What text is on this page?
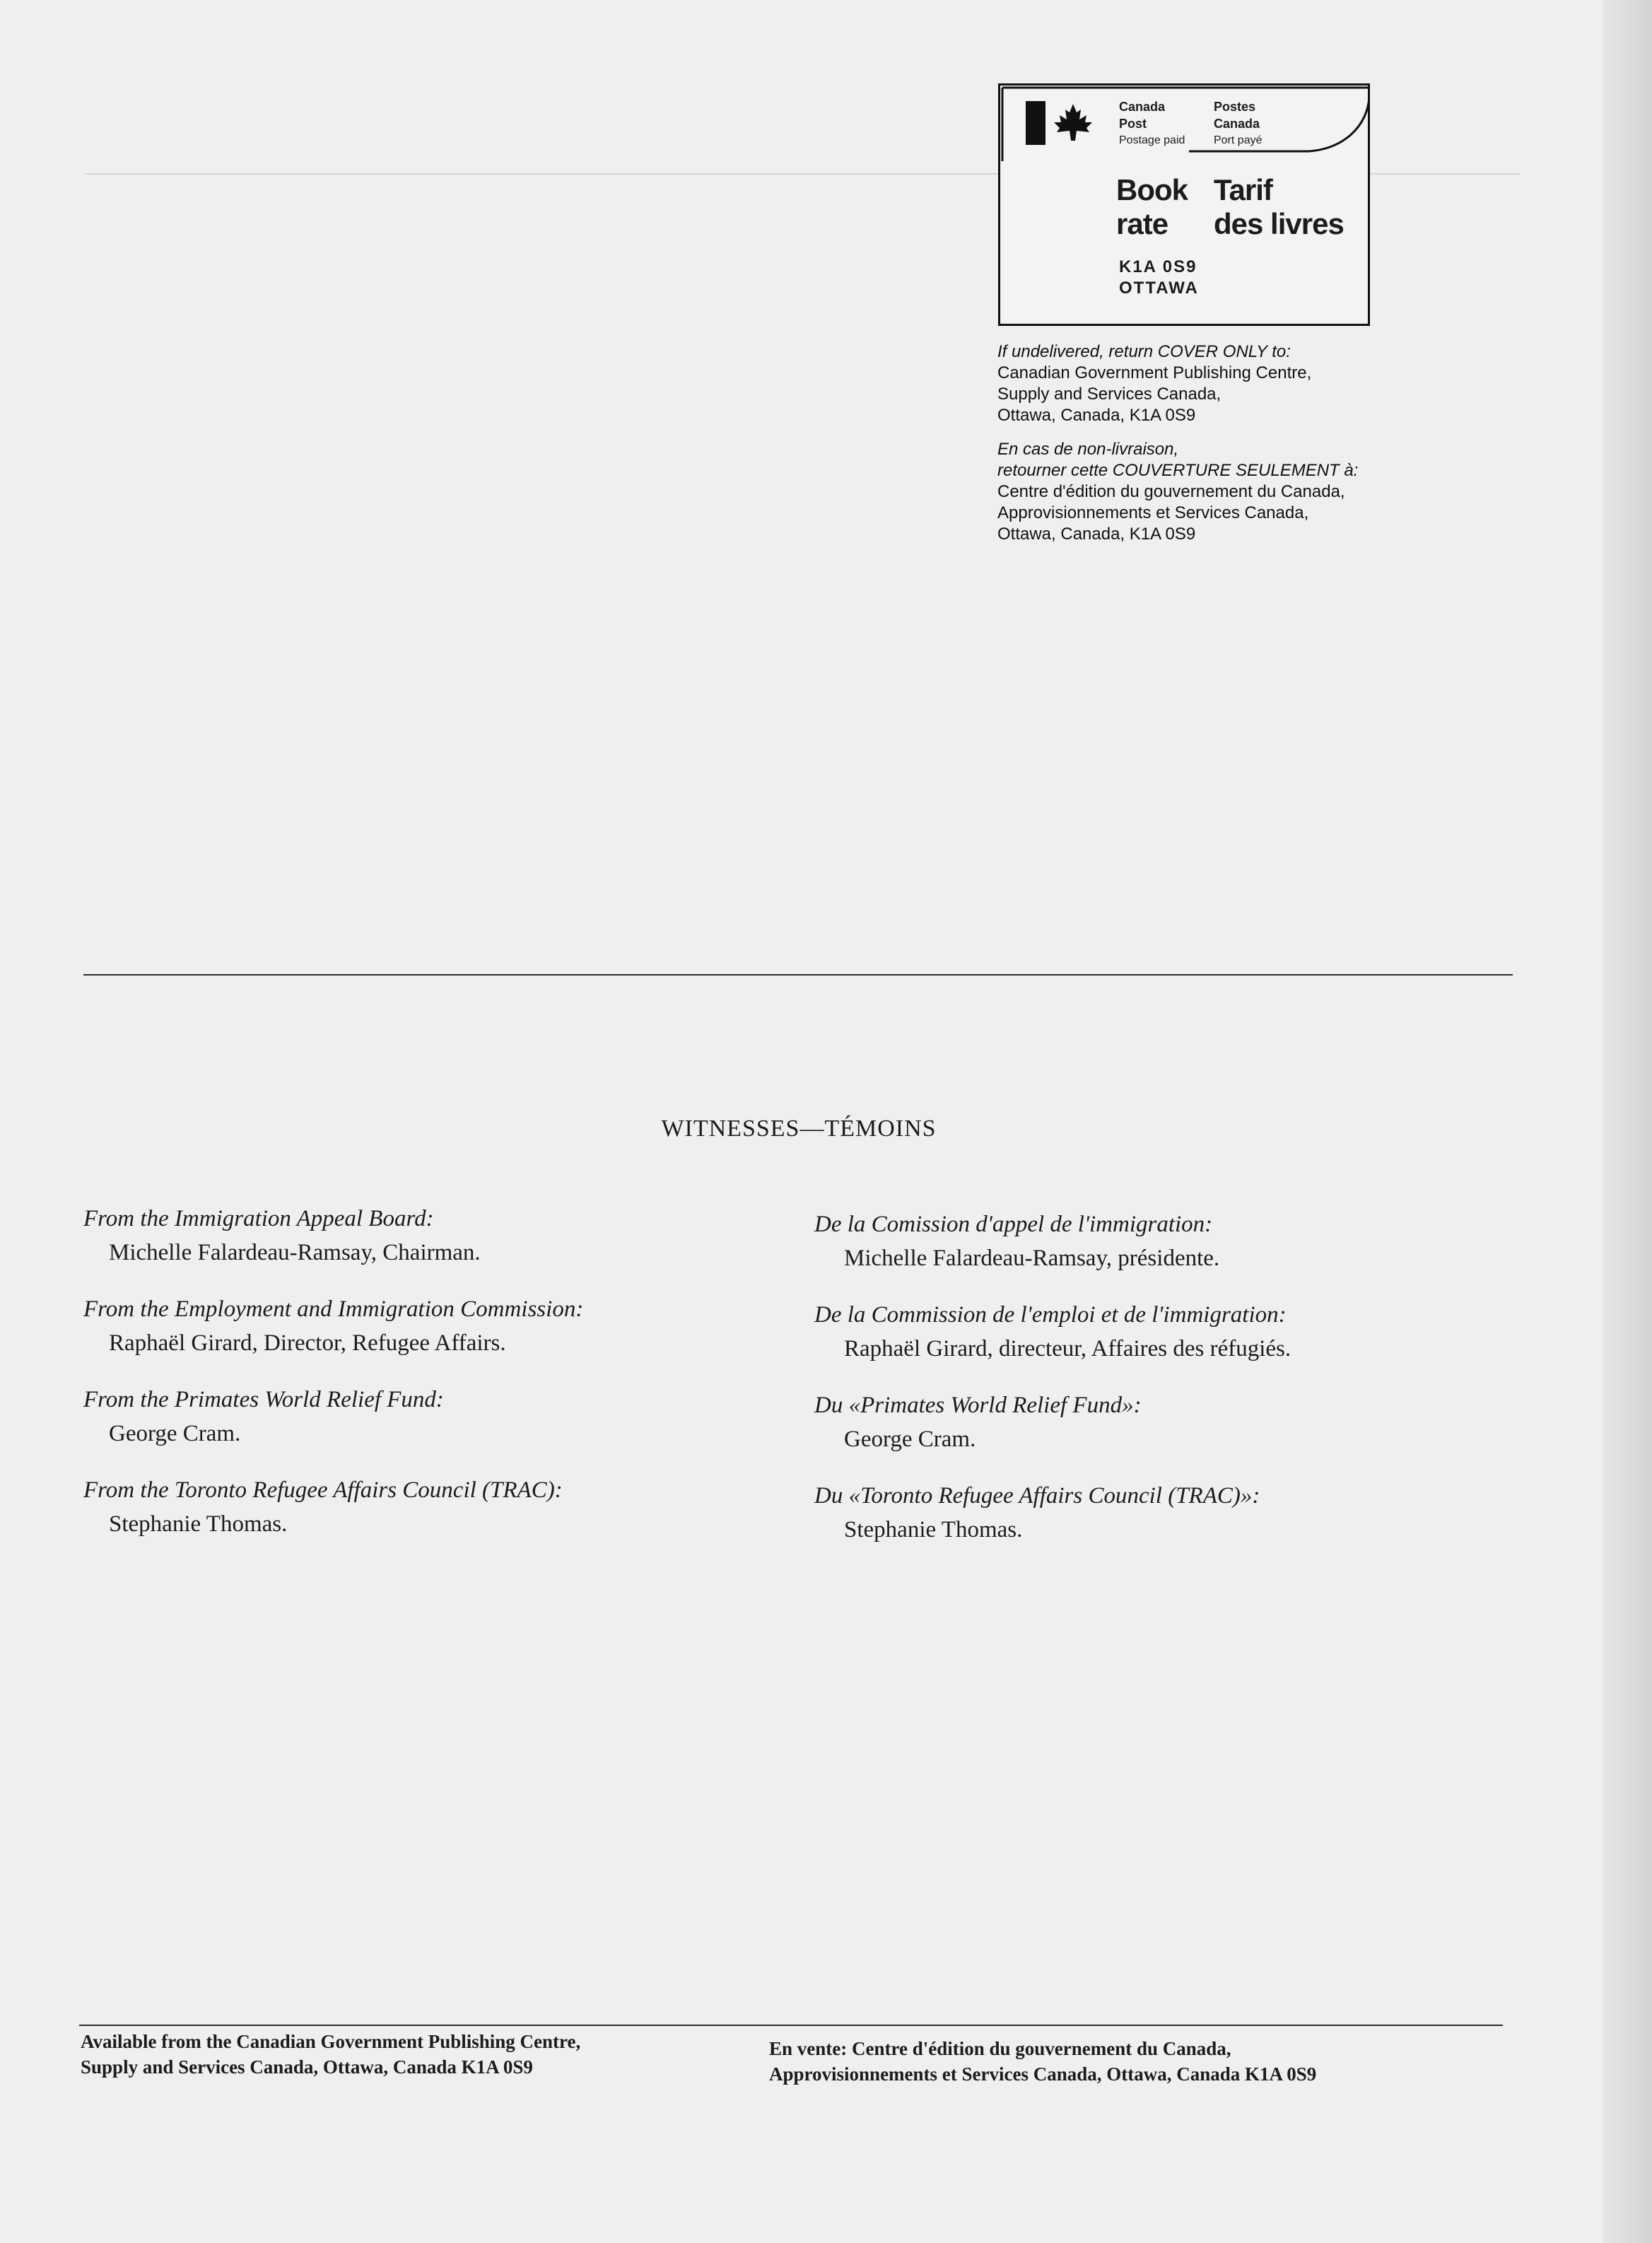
Canada
Post
Postage paid
Postes
Canada
Port payé
Book
rate
Tarif
des livres
K1A 0S9
OTTAWA

If undelivered, return COVER ONLY to:

Canadian Government Publishing Centre,

Supply and Services Canada,

Ottawa, Canada, K1A 0S9

En cas de non-livraison,

retourner cette COUVERTURE SEULEMENT à:

Centre d'édition du gouvernement du Canada,

Approvisionnements et Services Canada,

Ottawa, Canada, K1A 0S9

WITNESSES—TÉMOINS
From the Immigration Appeal Board:
Michelle Falardeau-Ramsay, Chairman.
From the Employment and Immigration Commission:
Raphaël Girard, Director, Refugee Affairs.
From the Primates World Relief Fund:
George Cram.
From the Toronto Refugee Affairs Council (TRAC):
Stephanie Thomas.
De la Comission d'appel de l'immigration:
Michelle Falardeau-Ramsay, présidente.
De la Commission de l'emploi et de l'immigration:
Raphaël Girard, directeur, Affaires des réfugiés.
Du «Primates World Relief Fund»:
George Cram.
Du «Toronto Refugee Affairs Council (TRAC)»:
Stephanie Thomas.
Available from the Canadian Government Publishing Centre,
Supply and Services Canada, Ottawa, Canada K1A 0S9
En vente: Centre d'édition du gouvernement du Canada,
Approvisionnements et Services Canada, Ottawa, Canada K1A 0S9
